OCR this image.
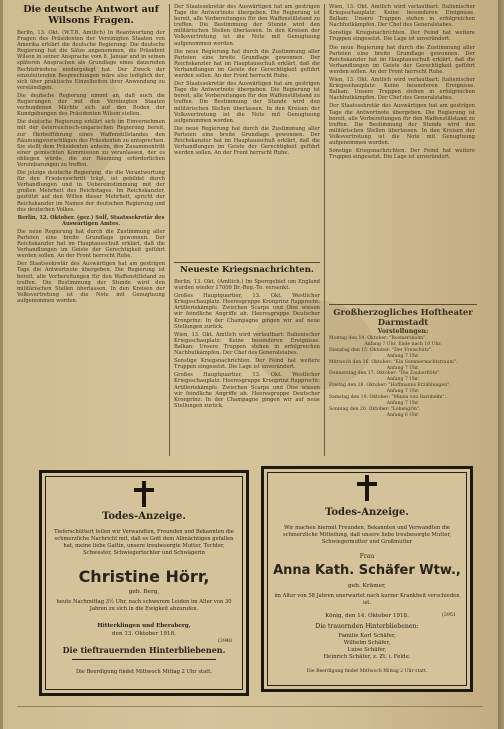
Die deutsche Antwort auf Wilsons Fragen.

Berlin, 13. Okt. (W.T.B. Amtlich) In Beantwortung der Fragen des Präsidenten der Vereinigten Staaten von Amerika erklärt die deutsche Regierung: Die deutsche Regierung hat die Sätze angenommen, die Präsident Wilson in seiner Ansprache vom 8. Januar und in seinen späteren Ansprachen als Grundlage eines dauernden Rechtsfriedens niedergelegt hat. Der Zweck der einzuleitenden Besprechungen wäre also lediglich der, sich über praktische Einzelheiten ihrer Anwendung zu verständigen.

Die deutsche Regierung nimmt an, daß auch die Regierungen der mit den Vereinigten Staaten verbundenen Mächte sich auf den Boden der Kundgebungen des Präsidenten Wilson stellen.

Die deutsche Regierung erklärt sich im Einvernehmen mit der österreichisch-ungarischen Regierung bereit, zur Herbeiführung eines Waffenstillstandes den Räumungsvorschlägen des Präsidenten zu entsprechen. Sie stellt dem Präsidenten anheim, den Zusammentritt einer gemischten Kommission zu veranlassen, der es obliegen würde, die zur Räumung erforderlichen Vereinbarungen zu treffen.

Die jetzige deutsche Regierung, die die Verantwortung für den Friedensschritt trägt, ist gebildet durch Verhandlungen und in Uebereinstimmung mit der großen Mehrheit des Reichstages. Im Reichskanzler, gestützt auf den Willen dieser Mehrheit, spricht der Reichskanzler im Namen der deutschen Regierung und des deutschen Volkes.

Berlin, 12. Oktober. (gez.) Solf, Staatssekretär des Auswärtigen Amtes.

Die neue Regierung hat durch die Zustimmung aller Parteien eine breite Grundlage gewonnen. Der Reichskanzler hat im Hauptausschuß erklärt, daß die Verhandlungen im Geiste der Gerechtigkeit geführt werden sollen. An der Front herrscht Ruhe.

Der Staatssekretär des Auswärtigen hat am gestrigen Tage die Antwortnote übergeben. Die Regierung ist bereit, alle Vorbereitungen für den Waffenstillstand zu treffen. Die Bestimmung der Stunde wird den militärischen Stellen überlassen. In den Kreisen der Volksvertretung ist die Note mit Genugtuung aufgenommen worden.

Der Staatssekretär des Auswärtigen hat am gestrigen Tage die Antwortnote übergeben. Die Regierung ist bereit, alle Vorbereitungen für den Waffenstillstand zu treffen. Die Bestimmung der Stunde wird den militärischen Stellen überlassen. In den Kreisen der Volksvertretung ist die Note mit Genugtuung aufgenommen worden.

Die neue Regierung hat durch die Zustimmung aller Parteien eine breite Grundlage gewonnen. Der Reichskanzler hat im Hauptausschuß erklärt, daß die Verhandlungen im Geiste der Gerechtigkeit geführt werden sollen. An der Front herrscht Ruhe.

Der Staatssekretär des Auswärtigen hat am gestrigen Tage die Antwortnote übergeben. Die Regierung ist bereit, alle Vorbereitungen für den Waffenstillstand zu treffen. Die Bestimmung der Stunde wird den militärischen Stellen überlassen. In den Kreisen der Volksvertretung ist die Note mit Genugtuung aufgenommen worden.

Die neue Regierung hat durch die Zustimmung aller Parteien eine breite Grundlage gewonnen. Der Reichskanzler hat im Hauptausschuß erklärt, daß die Verhandlungen im Geiste der Gerechtigkeit geführt werden sollen. An der Front herrscht Ruhe.

Neueste Kriegsnachrichten.

Berlin, 13. Okt. (Amtlich.) Im Sperrgebiet um England wurden wieder 17000 Br.-Reg.-To. versenkt.

Großes Hauptquartier, 13. Okt. Westlicher Kriegsschauplatz. Heeresgruppe Kronprinz Rupprecht: Artilleriekämpfe. Zwischen Scarpe und Oise wiesen wir feindliche Angriffe ab. Heeresgruppe Deutscher Kronprinz: In der Champagne gingen wir auf neue Stellungen zurück.

Wien, 13. Okt. Amtlich wird verlautbart: Italienischer Kriegsschauplatz: Keine besonderen Ereignisse. Balkan: Unsere Truppen stehen in erfolgreichen Nachhutkämpfen. Der Chef des Generalstabes.

Sonstige Kriegsnachrichten. Der Feind hat weitere Truppen eingesetzt. Die Lage ist unverändert.

Großes Hauptquartier, 13. Okt. Westlicher Kriegsschauplatz. Heeresgruppe Kronprinz Rupprecht: Artilleriekämpfe. Zwischen Scarpe und Oise wiesen wir feindliche Angriffe ab. Heeresgruppe Deutscher Kronprinz: In der Champagne gingen wir auf neue Stellungen zurück.

Wien, 13. Okt. Amtlich wird verlautbart: Italienischer Kriegsschauplatz: Keine besonderen Ereignisse. Balkan: Unsere Truppen stehen in erfolgreichen Nachhutkämpfen. Der Chef des Generalstabes.

Sonstige Kriegsnachrichten. Der Feind hat weitere Truppen eingesetzt. Die Lage ist unverändert.

Die neue Regierung hat durch die Zustimmung aller Parteien eine breite Grundlage gewonnen. Der Reichskanzler hat im Hauptausschuß erklärt, daß die Verhandlungen im Geiste der Gerechtigkeit geführt werden sollen. An der Front herrscht Ruhe.

Wien, 13. Okt. Amtlich wird verlautbart: Italienischer Kriegsschauplatz: Keine besonderen Ereignisse. Balkan: Unsere Truppen stehen in erfolgreichen Nachhutkämpfen. Der Chef des Generalstabes.

Der Staatssekretär des Auswärtigen hat am gestrigen Tage die Antwortnote übergeben. Die Regierung ist bereit, alle Vorbereitungen für den Waffenstillstand zu treffen. Die Bestimmung der Stunde wird den militärischen Stellen überlassen. In den Kreisen der Volksvertretung ist die Note mit Genugtuung aufgenommen worden.

Sonstige Kriegsnachrichten. Der Feind hat weitere Truppen eingesetzt. Die Lage ist unverändert.

Großherzogliches Hoftheater Darmstadt
Vorstellungen:
Montag den 14. Oktober: "Rosmersholm".
Anfang 7 Uhr. Ende nach 10 Uhr.
Dienstag den 15. Oktober: "Der Freischütz".
Anfang 7 Uhr.
Mittwoch den 16. Oktober: "Ein Sommernachtstraum".
Anfang 7 Uhr.
Donnerstag den 17. Oktober: "Die Zauberflöte".
Anfang 7 Uhr.
Freitag den 18. Oktober: "Hoffmanns Erzählungen".
Anfang 7 Uhr.
Samstag den 19. Oktober: "Minna von Barnhelm".
Anfang 7 Uhr.
Sonntag den 20. Oktober: "Lohengrin".
Anfang 6 Uhr.
Todes-Anzeige.
Tieferschüttert teilen wir Verwandten, Freunden und Bekannten die schmerzliche Nachricht mit, daß es Gott dem Allmächtigen gefallen hat, meine liebe Gattin, unsere treubesorgte Mutter, Tochter, Schwester, Schwiegertochter und Schwägerin
Christine Hörr,
geb. Berg,
heute Nachmittag 3½ Uhr, nach schwerem Leiden im Alter von 30 Jahren zu sich in die Ewigkeit abzurufen.
Hitterklingen und Eberaberg,
den 13. Oktober 1918.
(3948
Die tieftrauernden Hinterbliebenen.
Die Beerdigung findet Mittwoch Mittag 2 Uhr statt.
Todes-Anzeige.
Wir machen hiermit Freunden, Bekannten und Verwandten die schmerzliche Mitteilung, daß unsere liebe treubesorgte Mutter, Schwiegermutter und Großmutter
Frau
Anna Kath. Schäfer Wtw.,
geb. Krämer,
im Alter von 58 Jahren unerwartet nach kurzer Krankheit verschieden ist.
König, den 14. Oktober 1918.	(3951
Die trauernden Hinterbliebenen:
Familie Karl Schäfer,
Wilhelm Schäfer,
Luise Schäfer,
Heinrich Schäfer, z. Zt. i. Felde.
Die Beerdigung findet Mittwoch Mittag 2 Uhr statt.
